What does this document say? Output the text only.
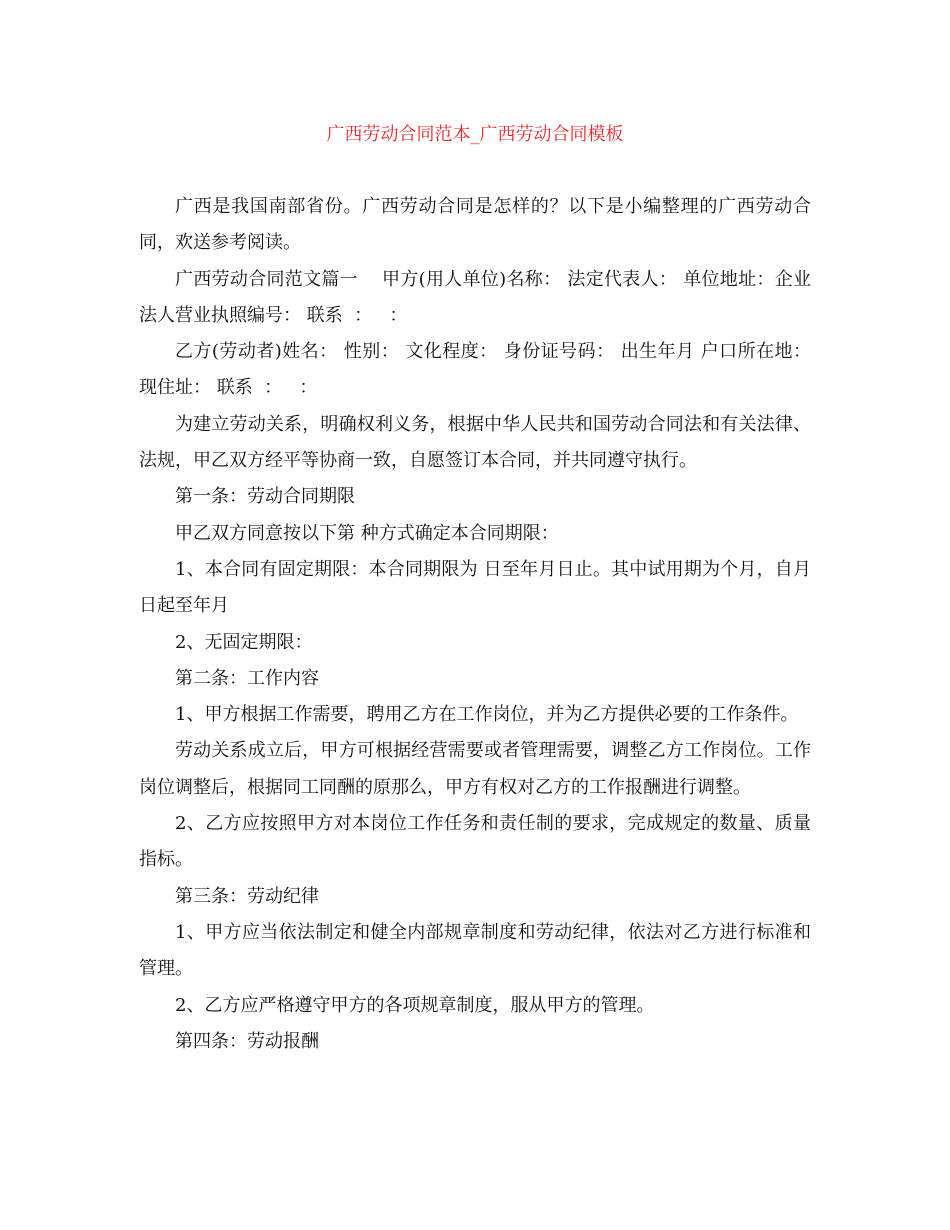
广西劳动合同范本_广西劳动合同模板

广西是我国南部省份。广西劳动合同是怎样的？以下是小编整理的广西劳动合同，欢送参考阅读。

广西劳动合同范文篇一    甲方(用人单位)名称： 法定代表人： 单位地址：企业法人营业执照编号： 联系  ：   ：

乙方(劳动者)姓名： 性别： 文化程度： 身份证号码： 出生年月 户口所在地： 现住址： 联系  ：   ：

为建立劳动关系，明确权利义务，根据中华人民共和国劳动合同法和有关法律、法规，甲乙双方经平等协商一致，自愿签订本合同，并共同遵守执行。

第一条：劳动合同期限

甲乙双方同意按以下第 种方式确定本合同期限：

1、本合同有固定期限：本合同期限为 日至年月日止。其中试用期为个月，自月 日起至年月

2、无固定期限：

第二条：工作内容

1、甲方根据工作需要，聘用乙方在工作岗位，并为乙方提供必要的工作条件。

劳动关系成立后，甲方可根据经营需要或者管理需要，调整乙方工作岗位。工作岗位调整后，根据同工同酬的原那么，甲方有权对乙方的工作报酬进行调整。

2、乙方应按照甲方对本岗位工作任务和责任制的要求，完成规定的数量、质量指标。

第三条：劳动纪律

1、甲方应当依法制定和健全内部规章制度和劳动纪律，依法对乙方进行标准和管理。

2、乙方应严格遵守甲方的各项规章制度，服从甲方的管理。

第四条：劳动报酬
